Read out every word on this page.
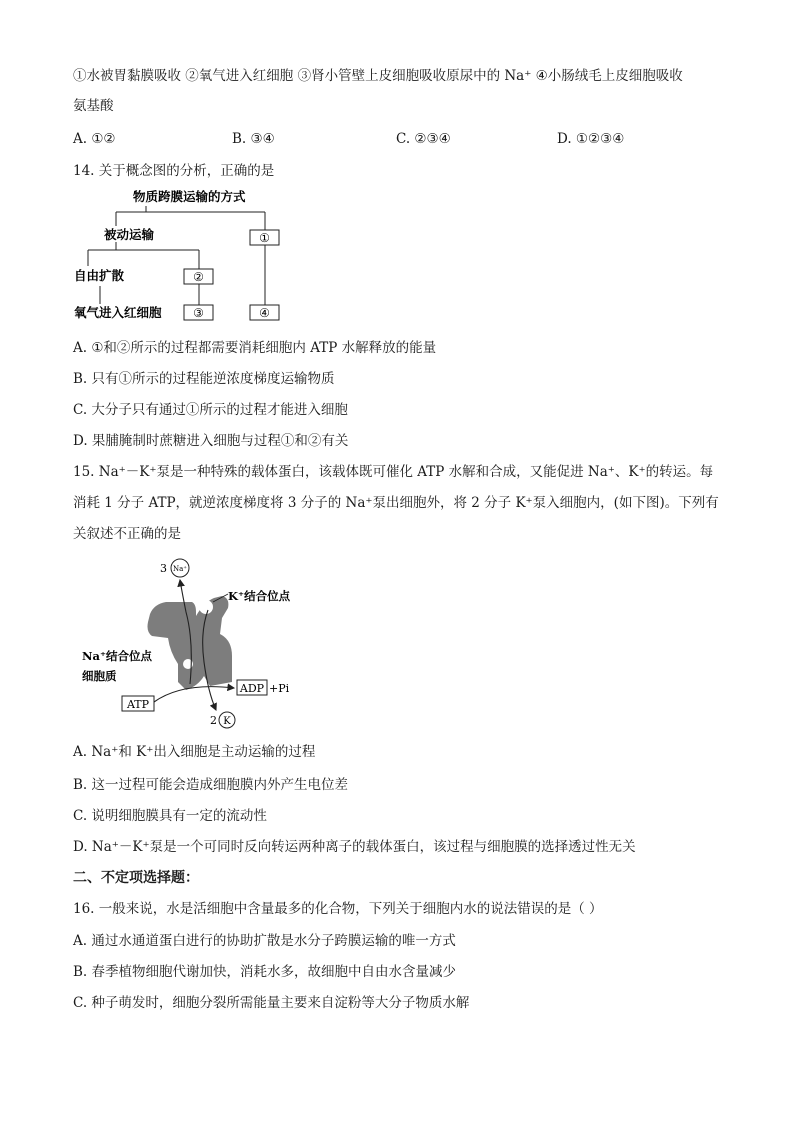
①水被胃黏膜吸收 ②氧气进入红细胞 ③肾小管壁上皮细胞吸收原尿中的 Na⁺ ④小肠绒毛上皮细胞吸收
氨基酸
A. ①②	B. ③④	C. ②③④	D. ①②③④
14. 关于概念图的分析，正确的是
物质跨膜运输的方式
被动运输
自由扩散
氧气进入红细胞
①
②
③	④
A. ①和②所示的过程都需要消耗细胞内 ATP 水解释放的能量
B. 只有①所示的过程能逆浓度梯度运输物质
C. 大分子只有通过①所示的过程才能进入细胞
D. 果脯腌制时蔗糖进入细胞与过程①和②有关
15. Na⁺－K⁺泵是一种特殊的载体蛋白，该载体既可催化 ATP 水解和合成，又能促进 Na⁺、K⁺的转运。每
消耗 1 分子 ATP，就逆浓度梯度将 3 分子的 Na⁺泵出细胞外，将 2 分子 K⁺泵入细胞内，(如下图)。下列有
关叙述不正确的是
3 Na⁺
K⁺结合位点
Na⁺结合位点
细胞质
ATP
ADP +Pi
2 K
A. Na⁺和 K⁺出入细胞是主动运输的过程
B. 这一过程可能会造成细胞膜内外产生电位差
C. 说明细胞膜具有一定的流动性
D. Na⁺－K⁺泵是一个可同时反向转运两种离子的载体蛋白，该过程与细胞膜的选择透过性无关
二、不定项选择题：
16. 一般来说，水是活细胞中含量最多的化合物，下列关于细胞内水的说法错误的是（ ）
A. 通过水通道蛋白进行的协助扩散是水分子跨膜运输的唯一方式
B. 春季植物细胞代谢加快，消耗水多，故细胞中自由水含量减少
C. 种子萌发时，细胞分裂所需能量主要来自淀粉等大分子物质水解
